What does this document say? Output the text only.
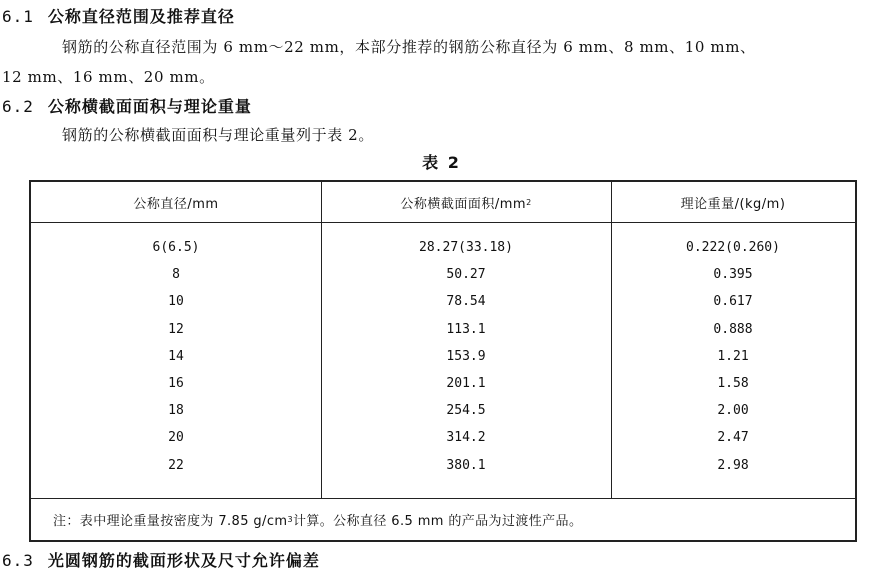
6.1 公称直径范围及推荐直径
钢筋的公称直径范围为 6 mm～22 mm，本部分推荐的钢筋公称直径为 6 mm、8 mm、10 mm、
12 mm、16 mm、20 mm。
6.2 公称横截面面积与理论重量
钢筋的公称横截面面积与理论重量列于表 2。
表 2
公称直径/mm	公称横截面面积/mm 2	理论重量/(kg/m)
6(6.5)	28.27(33.18)	0.222(0.260)
8	50.27	0.395
10	78.54	0.617
12	113.1	0.888
14	153.9	1.21
16	201.1	1.58
18	254.5	2.00
20	314.2	2.47
22	380.1	2.98
注：表中理论重量按密度为 7.85 g/cm 3 计算。公称直径 6.5 mm 的产品为过渡性产品。
6.3 光圆钢筋的截面形状及尺寸允许偏差
